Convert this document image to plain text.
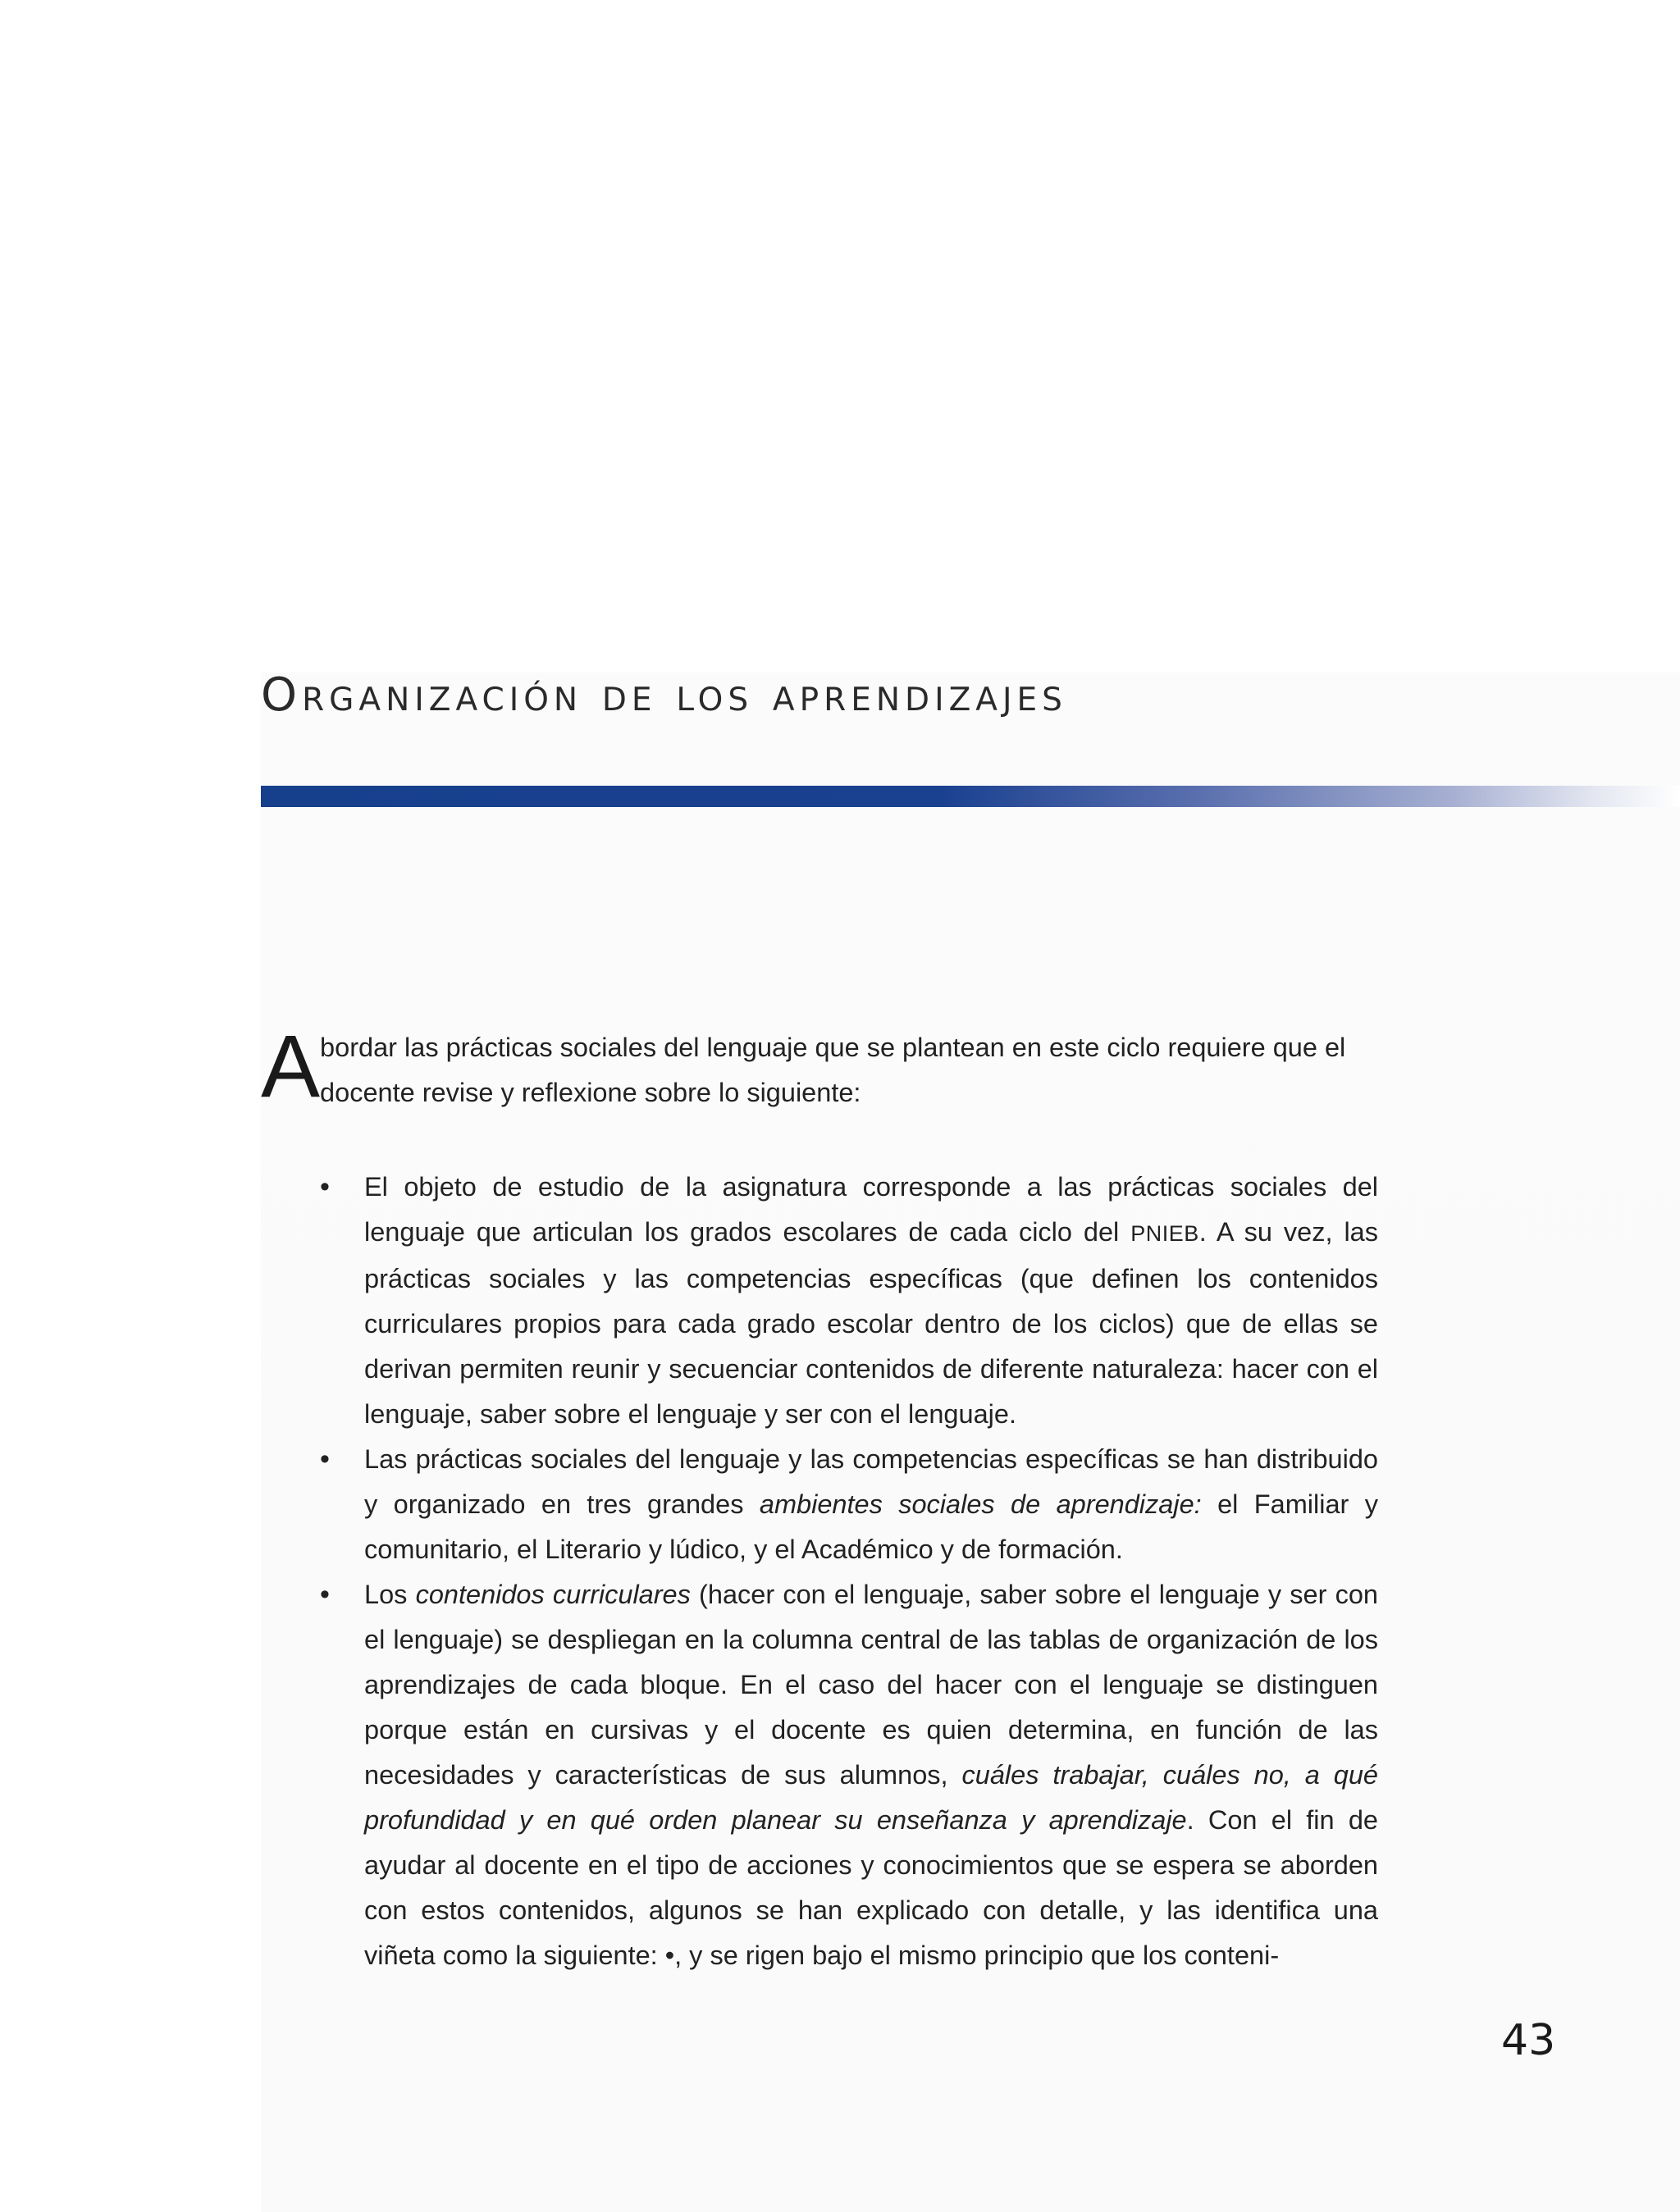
Organización de los aprendizajes

Abordar las prácticas sociales del lenguaje que se plantean en este ciclo requiere que el docente revise y reflexione sobre lo siguiente:

• El objeto de estudio de la asignatura corresponde a las prácticas sociales del lenguaje que articulan los grados escolares de cada ciclo del PNIEB. A su vez, las prácticas sociales y las competencias específicas (que definen los contenidos curriculares propios para cada grado escolar dentro de los ciclos) que de ellas se derivan permiten reunir y secuenciar contenidos de diferente naturaleza: hacer con el lenguaje, saber sobre el lenguaje y ser con el lenguaje.
• Las prácticas sociales del lenguaje y las competencias específicas se han distribuido y organizado en tres grandes ambientes sociales de aprendizaje: el Familiar y comunitario, el Literario y lúdico, y el Académico y de formación.
• Los contenidos curriculares (hacer con el lenguaje, saber sobre el lenguaje y ser con el lenguaje) se despliegan en la columna central de las tablas de organización de los aprendizajes de cada bloque. En el caso del hacer con el lenguaje se distinguen porque están en cursivas y el docente es quien determina, en función de las necesidades y características de sus alumnos, cuáles trabajar, cuáles no, a qué profundidad y en qué orden planear su enseñanza y aprendizaje. Con el fin de ayudar al docente en el tipo de acciones y conocimientos que se espera se aborden con estos contenidos, algunos se han explicado con detalle, y las identifica una viñeta como la siguiente: •, y se rigen bajo el mismo principio que los conteni-
43
